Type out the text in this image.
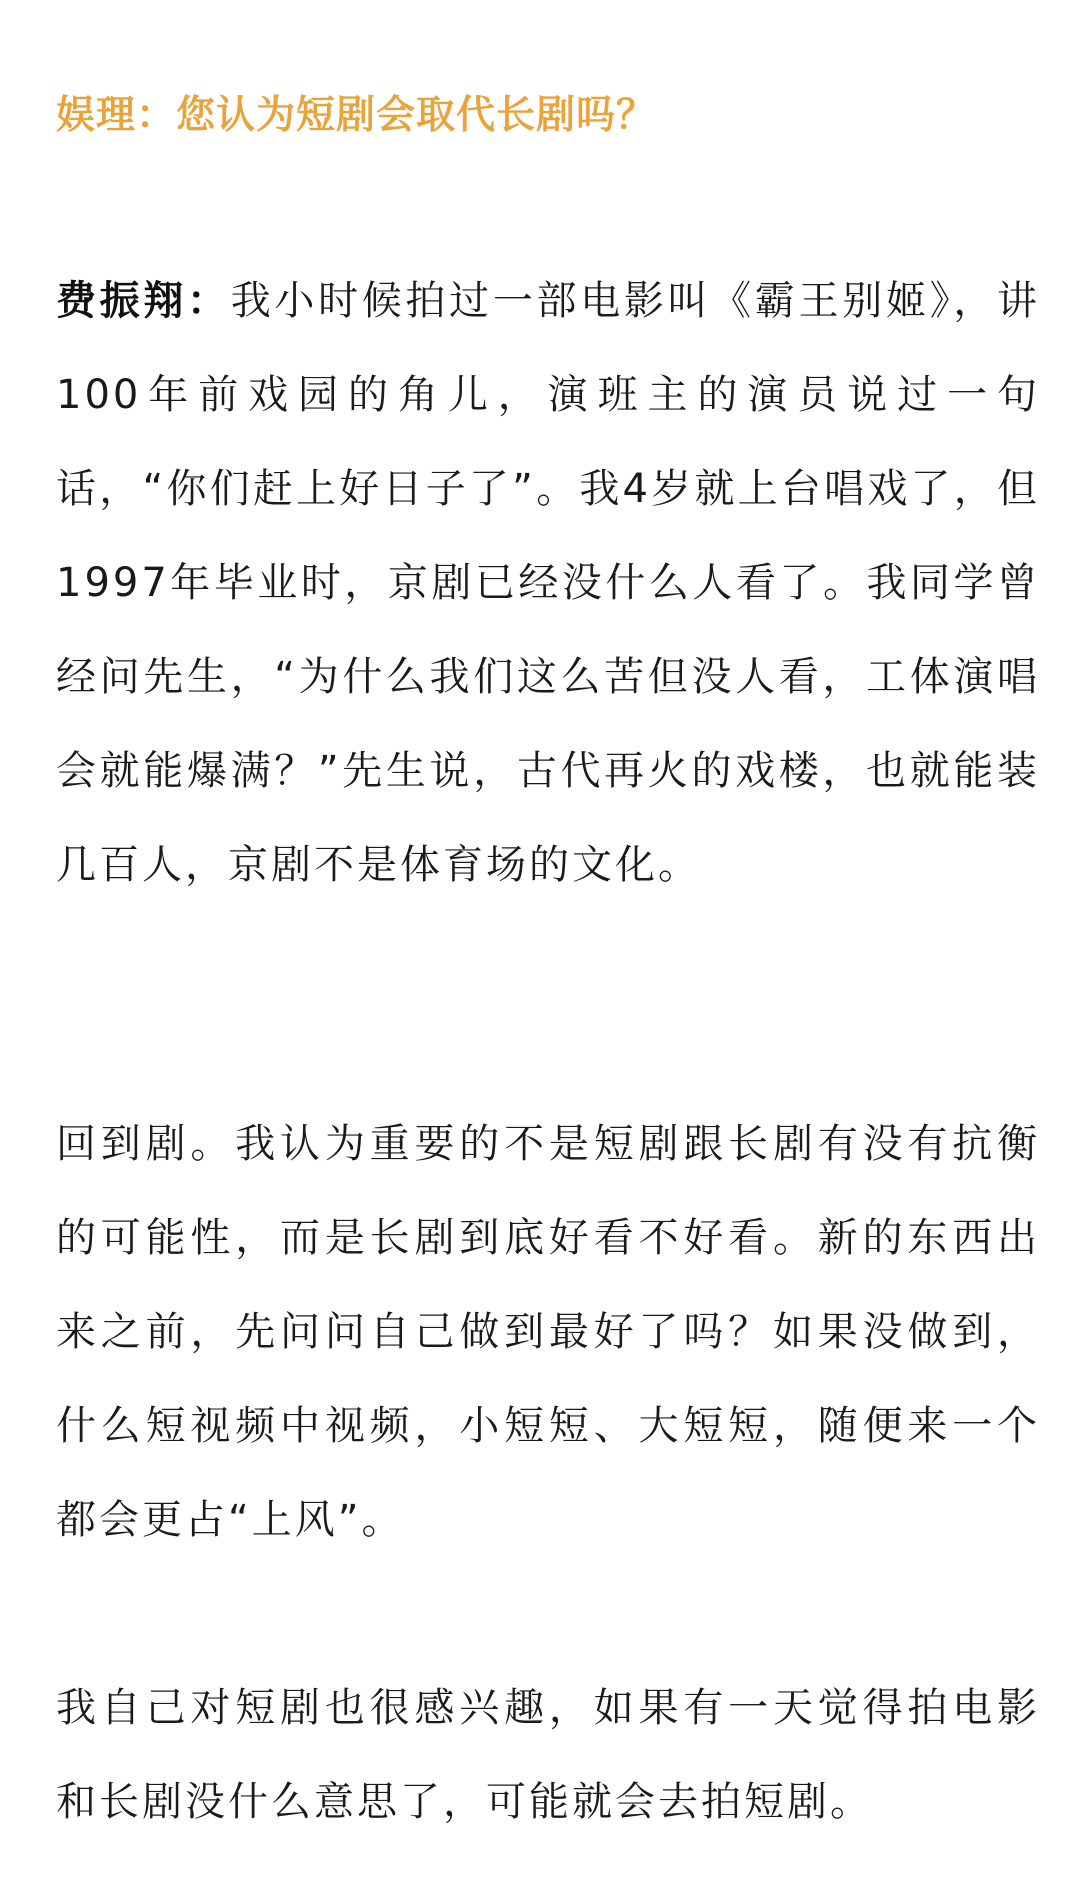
娱理：您认为短剧会取代长剧吗？

费振翔：我小时候拍过一部电影叫《霸王别姬》，讲100年前戏园的角儿，演班主的演员说过一句话，“你们赶上好日子了”。我4岁就上台唱戏了，但1997年毕业时，京剧已经没什么人看了。我同学曾经问先生，“为什么我们这么苦但没人看，工体演唱会就能爆满？”先生说，古代再火的戏楼，也就能装几百人，京剧不是体育场的文化。

回到剧。我认为重要的不是短剧跟长剧有没有抗衡的可能性，而是长剧到底好看不好看。新的东西出来之前，先问问自己做到最好了吗？如果没做到，什么短视频中视频，小短短、大短短，随便来一个都会更占“上风”。

我自己对短剧也很感兴趣，如果有一天觉得拍电影和长剧没什么意思了，可能就会去拍短剧。
